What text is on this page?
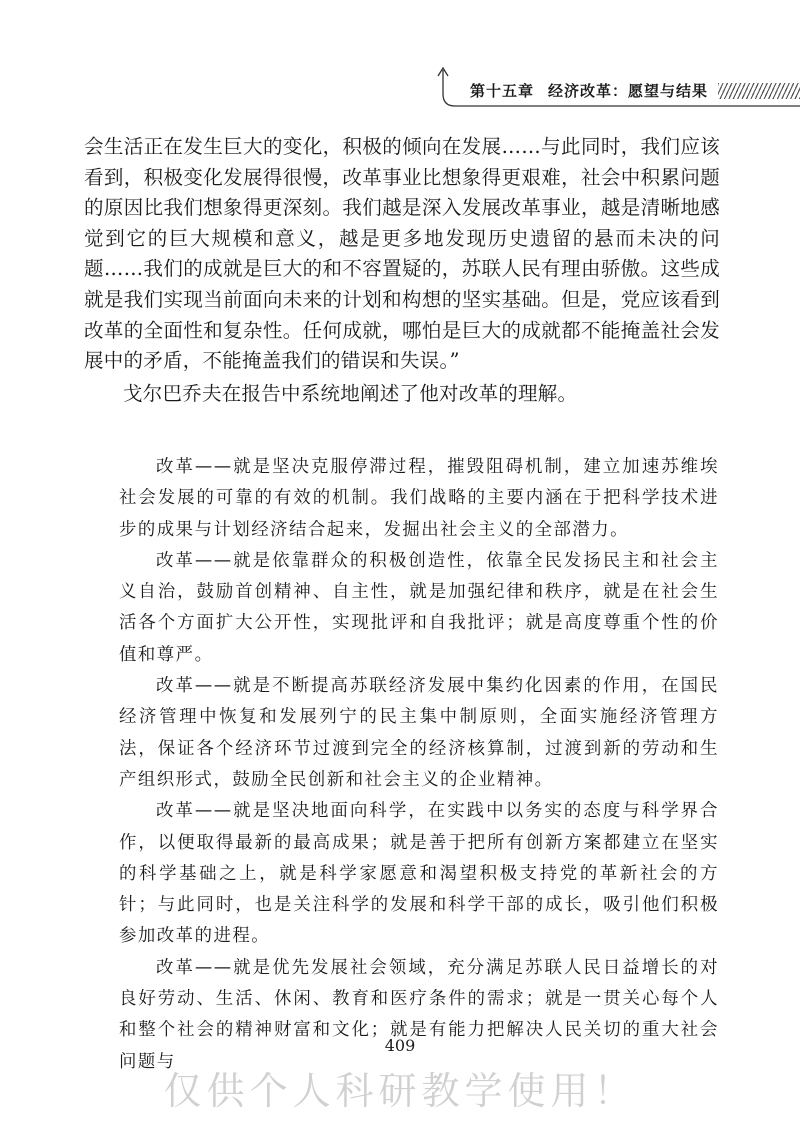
第十五章 经济改革：愿望与结果

会生活正在发生巨大的变化，积极的倾向在发展……与此同时，我们应该看到，积极变化发展得很慢，改革事业比想象得更艰难，社会中积累问题的原因比我们想象得更深刻。我们越是深入发展改革事业，越是清晰地感觉到它的巨大规模和意义，越是更多地发现历史遗留的悬而未决的问题……我们的成就是巨大的和不容置疑的，苏联人民有理由骄傲。这些成就是我们实现当前面向未来的计划和构想的坚实基础。但是，党应该看到改革的全面性和复杂性。任何成就，哪怕是巨大的成就都不能掩盖社会发展中的矛盾，不能掩盖我们的错误和失误。”

戈尔巴乔夫在报告中系统地阐述了他对改革的理解。

改革——就是坚决克服停滞过程，摧毁阻碍机制，建立加速苏维埃社会发展的可靠的有效的机制。我们战略的主要内涵在于把科学技术进步的成果与计划经济结合起来，发掘出社会主义的全部潜力。

改革——就是依靠群众的积极创造性，依靠全民发扬民主和社会主义自治，鼓励首创精神、自主性，就是加强纪律和秩序，就是在社会生活各个方面扩大公开性，实现批评和自我批评；就是高度尊重个性的价值和尊严。

改革——就是不断提高苏联经济发展中集约化因素的作用，在国民经济管理中恢复和发展列宁的民主集中制原则，全面实施经济管理方法，保证各个经济环节过渡到完全的经济核算制，过渡到新的劳动和生产组织形式，鼓励全民创新和社会主义的企业精神。

改革——就是坚决地面向科学，在实践中以务实的态度与科学界合作，以便取得最新的最高成果；就是善于把所有创新方案都建立在坚实的科学基础之上，就是科学家愿意和渴望积极支持党的革新社会的方针；与此同时，也是关注科学的发展和科学干部的成长，吸引他们积极参加改革的进程。

改革——就是优先发展社会领域，充分满足苏联人民日益增长的对良好劳动、生活、休闲、教育和医疗条件的需求；就是一贯关心每个人和整个社会的精神财富和文化；就是有能力把解决人民关切的重大社会问题与

409
仅供个人科研教学使用！
